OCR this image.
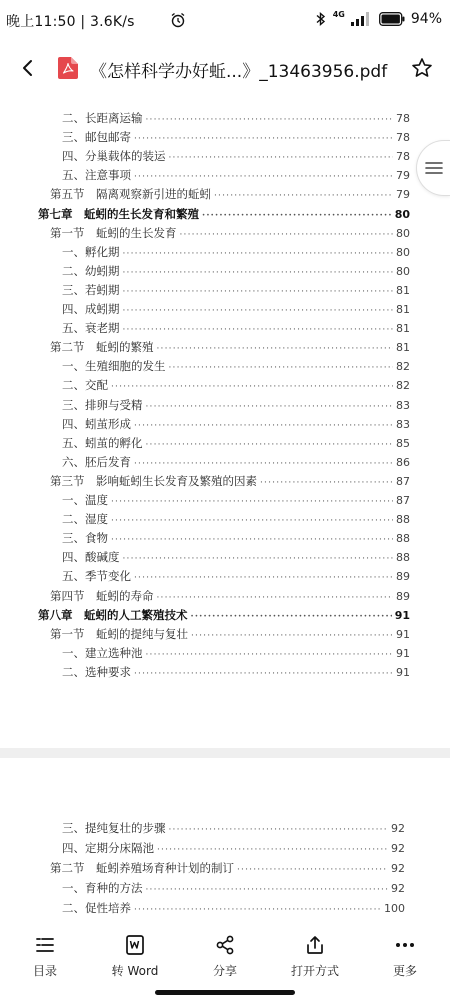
晚上11:50 | 3.6K/s	4G	94%
《怎样科学办好蚯...》_13463956.pdf
二、长距离运输 ·····	78
三、邮包邮寄 ·····	78
四、分巢载体的装运 ·····	78
五、注意事项 ·····	79
第五节　隔离观察新引进的蚯蚓 ·····	79
第七章　蚯蚓的生长发育和繁殖 ·····	80
第一节　蚯蚓的生长发育 ·····	80
一、孵化期 ·····	80
二、幼蚓期 ·····	80
三、若蚓期 ·····	81
四、成蚓期 ·····	81
五、衰老期 ·····	81
第二节　蚯蚓的繁殖 ·····	81
一、生殖细胞的发生 ·····	82
二、交配 ·····	82
三、排卵与受精 ·····	83
四、蚓茧形成 ·····	83
五、蚓茧的孵化 ·····	85
六、胚后发育 ·····	86
第三节　影响蚯蚓生长发育及繁殖的因素 ·····	87
一、温度 ·····	87
二、湿度 ·····	88
三、食物 ·····	88
四、酸碱度 ·····	88
五、季节变化 ·····	89
第四节　蚯蚓的寿命 ·····	89
第八章　蚯蚓的人工繁殖技术 ·····	91
第一节　蚯蚓的提纯与复壮 ·····	91
一、建立选种池 ·····	91
二、选种要求 ·····	91
三、提纯复壮的步骤 ·····	92
四、定期分床隔池 ·····	92
第二节　蚯蚓养殖场育种计划的制订 ·····	92
一、育种的方法 ·····	92
二、促性培养 ·····	100
目录	转 Word	分享	打开方式	更多
